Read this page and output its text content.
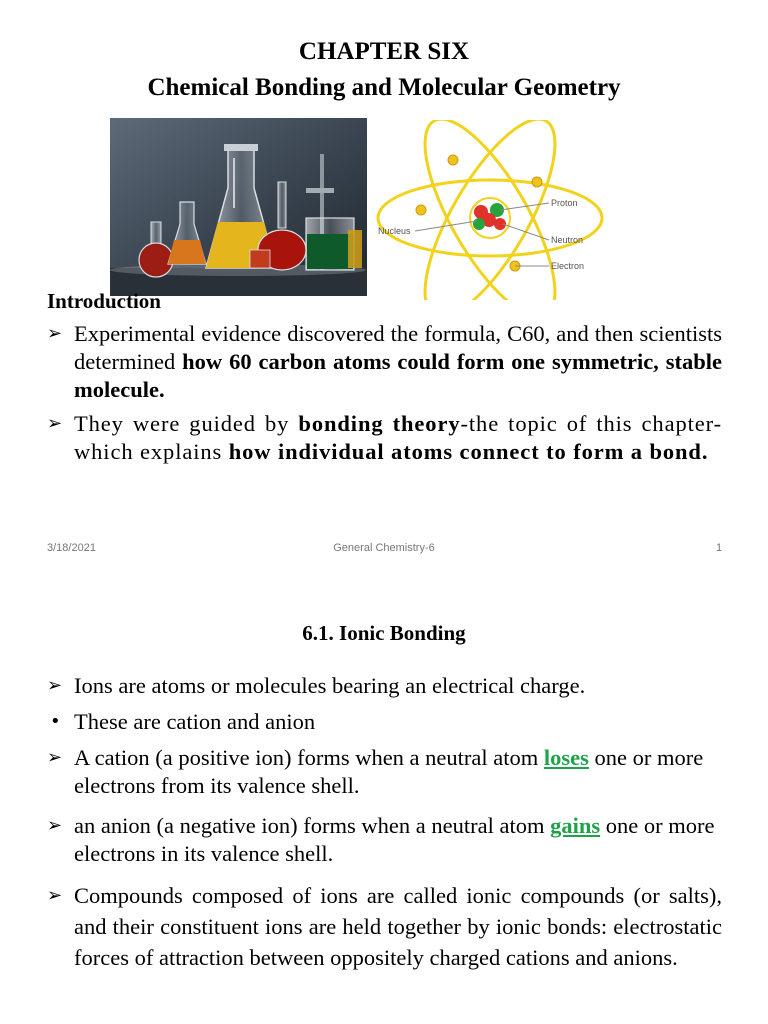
CHAPTER SIX
Chemical Bonding and Molecular Geometry
Nucleus
Proton
Neutron
Electron
Introduction
➢ Experimental evidence discovered the formula, C60, and then scientists determined how 60 carbon atoms could form one symmetric, stable molecule.
➢ They were guided by bonding theory-the topic of this chapter-which explains how individual atoms connect to form a bond.
3/18/2021	General Chemistry-6	1
6.1. Ionic Bonding
➢ Ions are atoms or molecules bearing an electrical charge.
• These are cation and anion
➢ A cation (a positive ion) forms when a neutral atom loses one or more electrons from its valence shell.
➢ an anion (a negative ion) forms when a neutral atom gains one or more electrons in its valence shell.
➢ Compounds composed of ions are called ionic compounds (or salts), and their constituent ions are held together by ionic bonds: electrostatic forces of attraction between oppositely charged cations and anions.
